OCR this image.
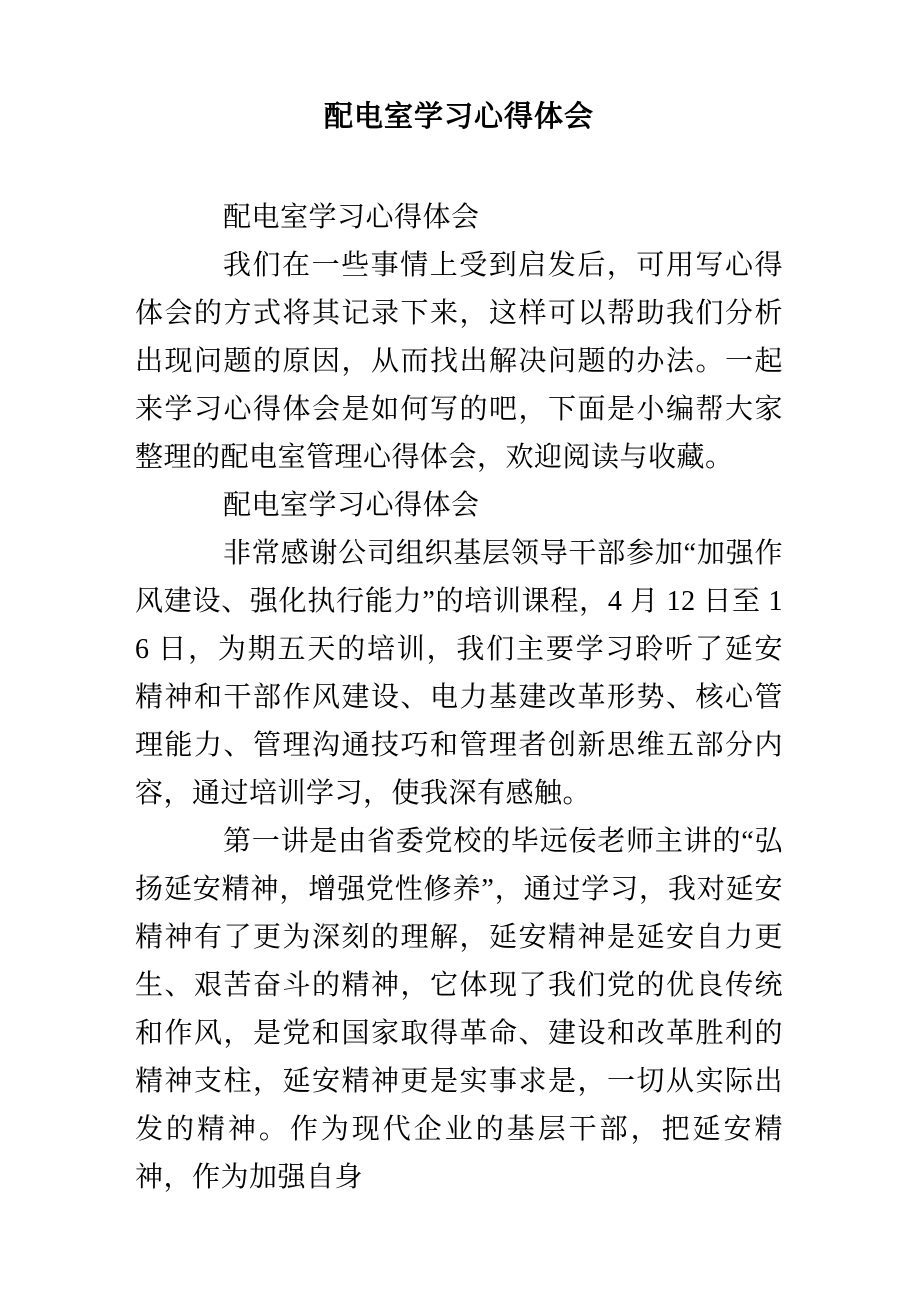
配电室学习心得体会

配电室学习心得体会

我们在一些事情上受到启发后，可用写心得体会的方式将其记录下来，这样可以帮助我们分析出现问题的原因，从而找出解决问题的办法。一起来学习心得体会是如何写的吧，下面是小编帮大家整理的配电室管理心得体会，欢迎阅读与收藏。

配电室学习心得体会

非常感谢公司组织基层领导干部参加“加强作风建设、强化执行能力”的培训课程，4 月 12 日至 16 日，为期五天的培训，我们主要学习聆听了延安精神和干部作风建设、电力基建改革形势、核心管理能力、管理沟通技巧和管理者创新思维五部分内容，通过培训学习，使我深有感触。

第一讲是由省委党校的毕远佞老师主讲的“弘扬延安精神，增强党性修养”，通过学习，我对延安精神有了更为深刻的理解，延安精神是延安自力更生、艰苦奋斗的精神，它体现了我们党的优良传统和作风，是党和国家取得革命、建设和改革胜利的精神支柱，延安精神更是实事求是，一切从实际出发的精神。作为现代企业的基层干部，把延安精神，作为加强自身
